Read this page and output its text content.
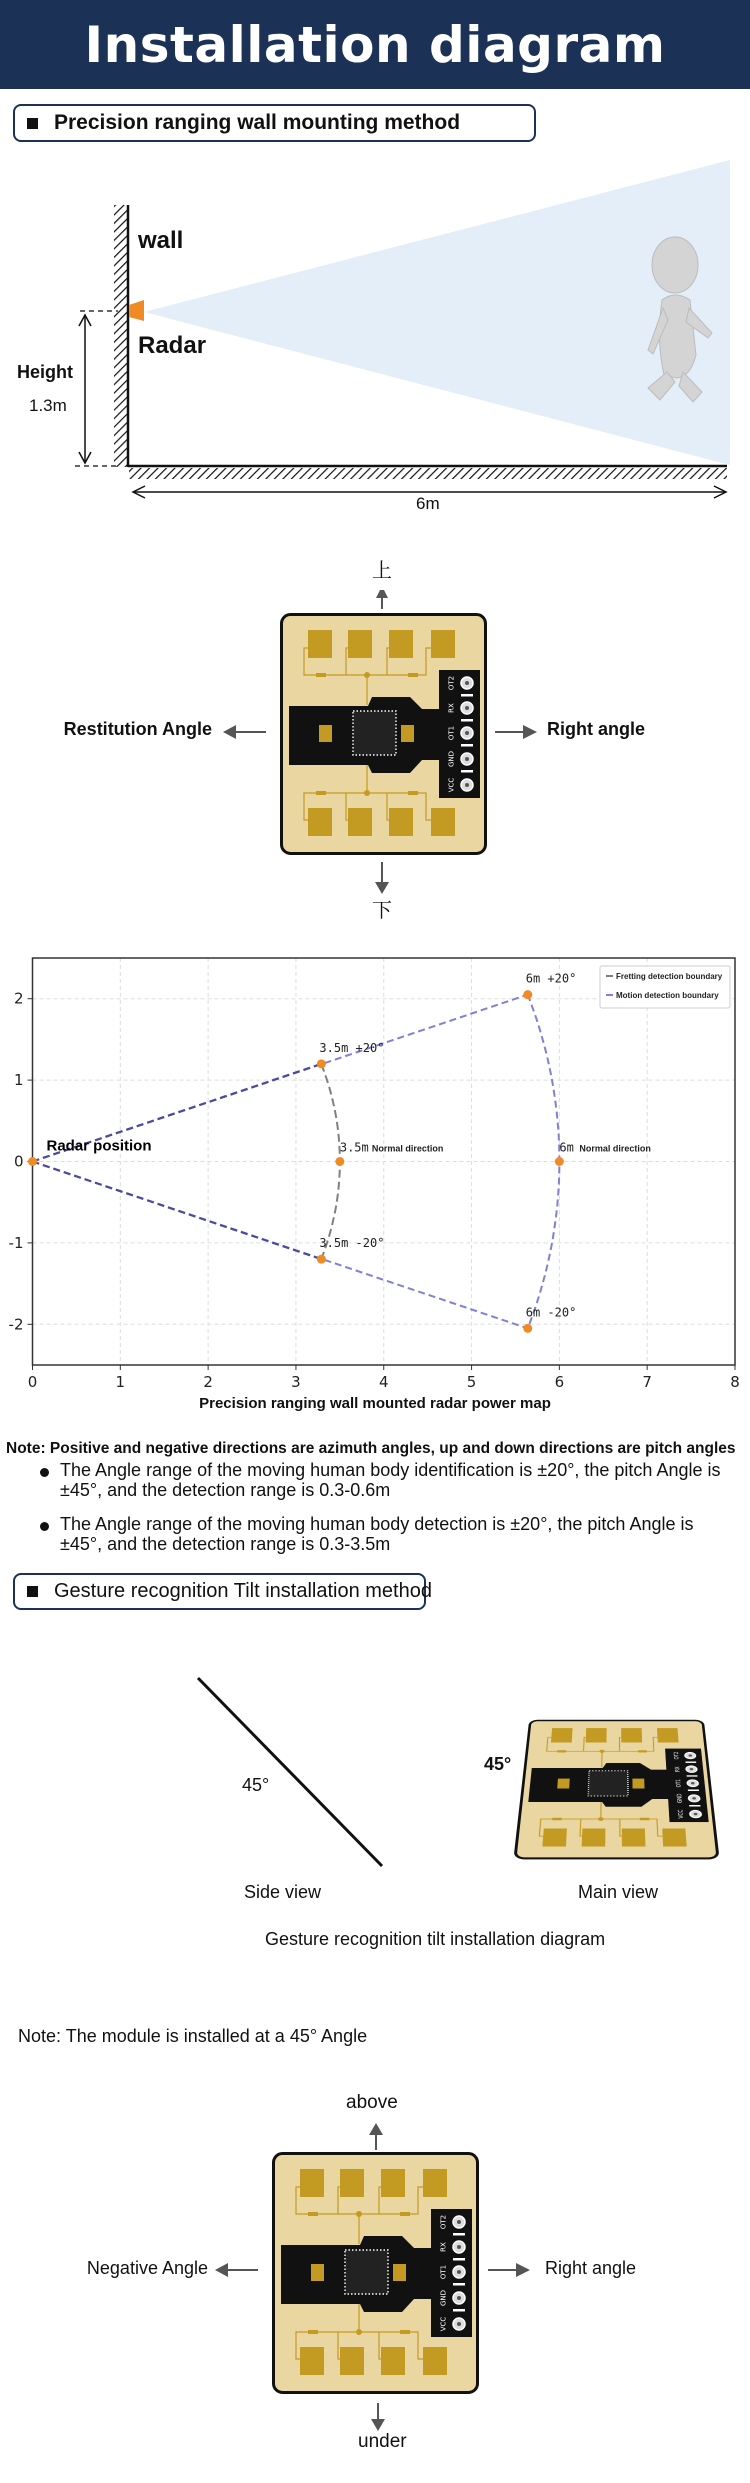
Installation diagram
Precision ranging wall mounting method
wall
Radar
Height
1.3m
6m
上
OT2
RX
OT1
GND
VCC
下
Restitution Angle	Right angle
0	1	2	3	4	5	6	7	8
2
1
0
-1
-2
Radar position
3.5m +20°
3.5m Normal direction
3.5m -20°
6m +20°
6m Normal direction
6m -20°
Fretting detection boundary
Motion detection boundary
Precision ranging wall mounted radar power map
Note: Positive and negative directions are azimuth angles, up and down directions are pitch angles
The Angle range of the moving human body identification is ±20°, the pitch Angle is ±45°, and the detection range is 0.3-0.6m
The Angle range of the moving human body detection is ±20°, the pitch Angle is ±45°, and the detection range is 0.3-3.5m
Gesture recognition Tilt installation method
45°
OT2
RX
OT1
GND
VCC
45°
Side view	Main view
Gesture recognition tilt installation diagram
Note: The module is installed at a 45° Angle
above
OT2
RX
OT1
GND
VCC
under
Negative Angle	Right angle
